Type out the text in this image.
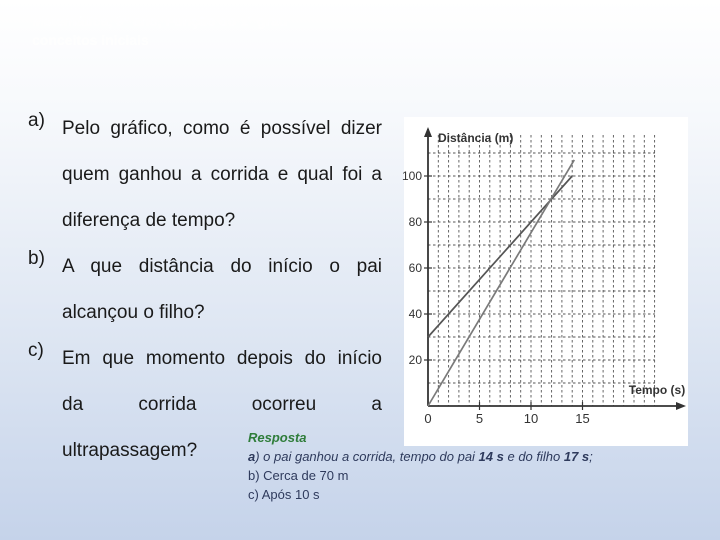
Matemática, 9º ano, Função do 1º grau
conceitos iniciais
a) Pelo gráfico, como é possível dizer
quem ganhou a corrida e qual foi a
diferença de tempo?
b) A que distância do início o pai
alcançou o filho?
c) Em que momento depois do início
da corrida ocorreu a
ultrapassagem?
0	5	10	15
20
40
60
80
100
Distância (m)
Tempo (s)
Resposta
a) o pai ganhou a corrida, tempo do pai 14 s e do filho 17 s;
b) Cerca de 70 m
c) Após 10 s
